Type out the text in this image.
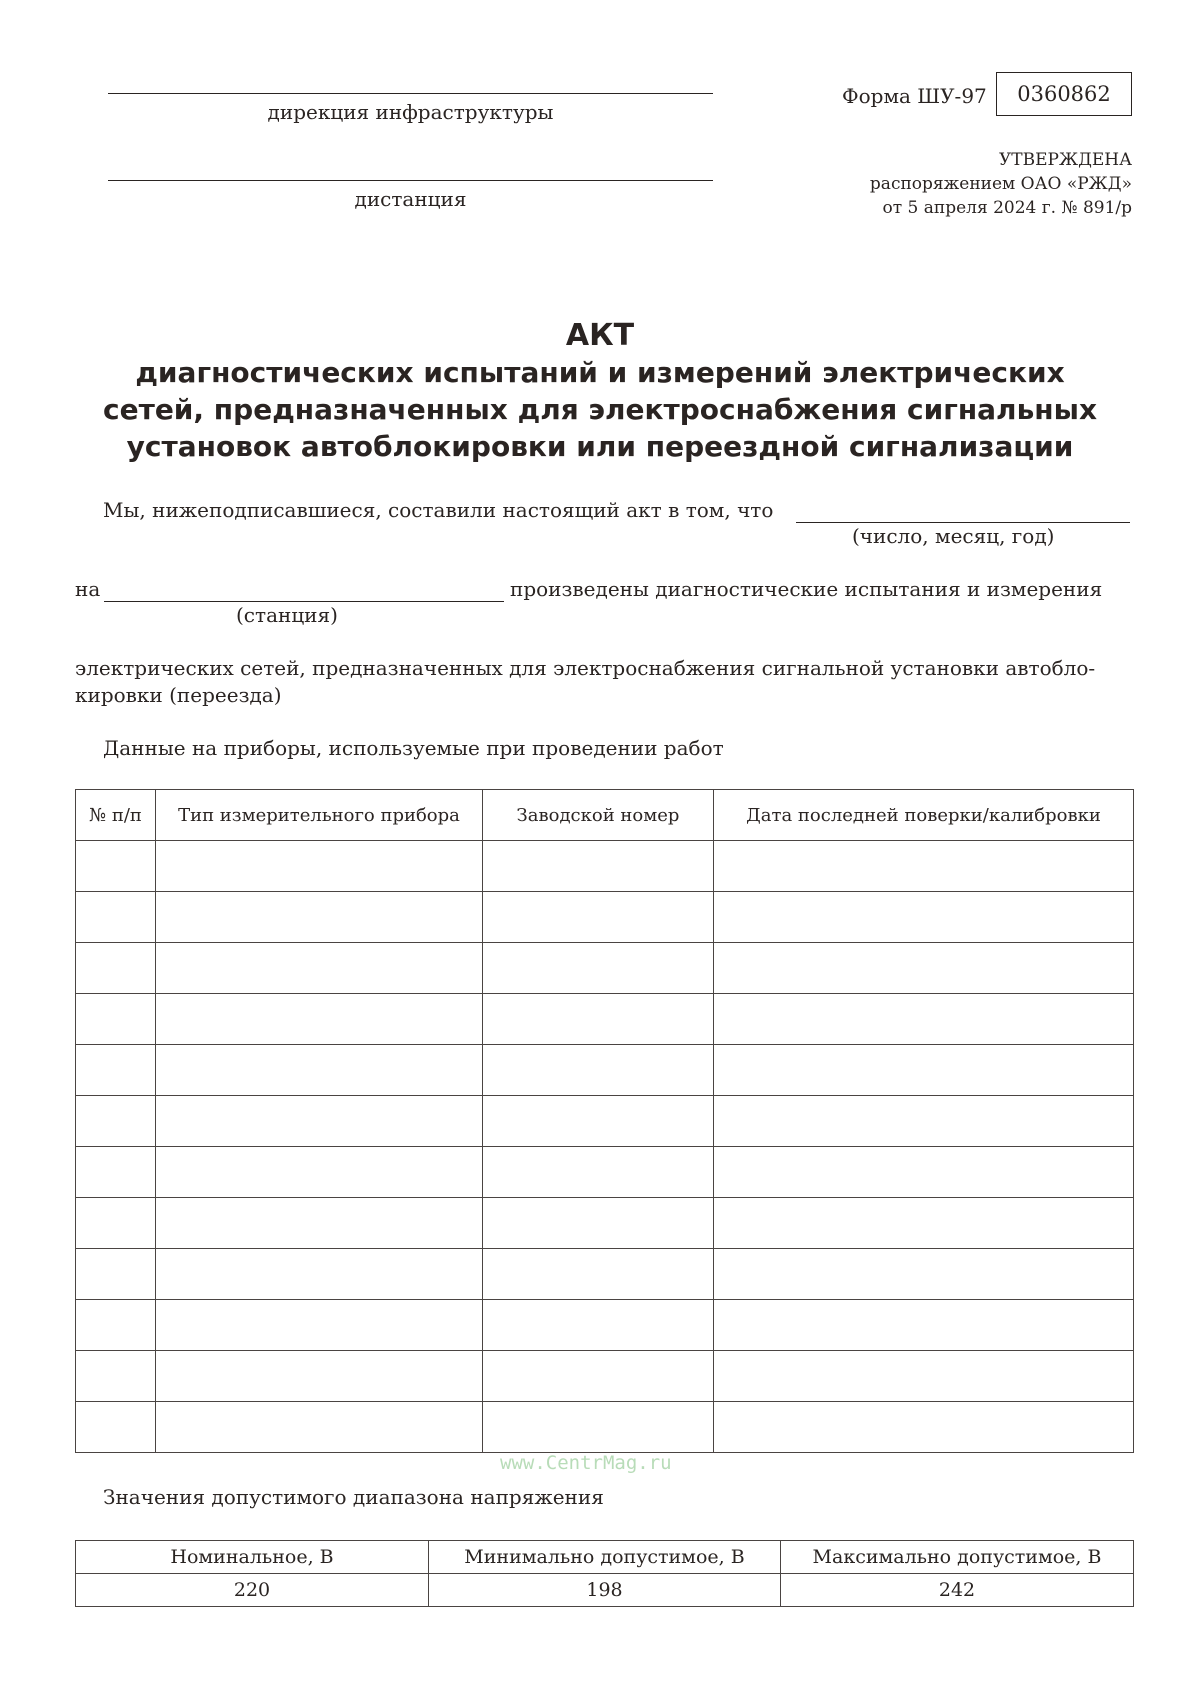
дирекция инфраструктуры
дистанция
Форма ШУ-97	0360862
УТВЕРЖДЕНА
распоряжением ОАО «РЖД»
от 5 апреля 2024 г. № 891/р
АКТ
диагностических испытаний и измерений электрических
сетей, предназначенных для электроснабжения сигнальных
установок автоблокировки или переездной сигнализации
Мы, нижеподписавшиеся, составили настоящий акт в том, что
(число, месяц, год)
на	произведены диагностические испытания и измерения
(станция)
электрических сетей, предназначенных для электроснабжения сигнальной установки автобло-
кировки (переезда)
Данные на приборы, используемые при проведении работ
№ п/п	Тип измерительного прибора	Заводской номер	Дата последней поверки/калибровки

www.CentrMag.ru
Значения допустимого диапазона напряжения
Номинальное, В	Минимально допустимое, В	Максимально допустимое, В
220	198	242
